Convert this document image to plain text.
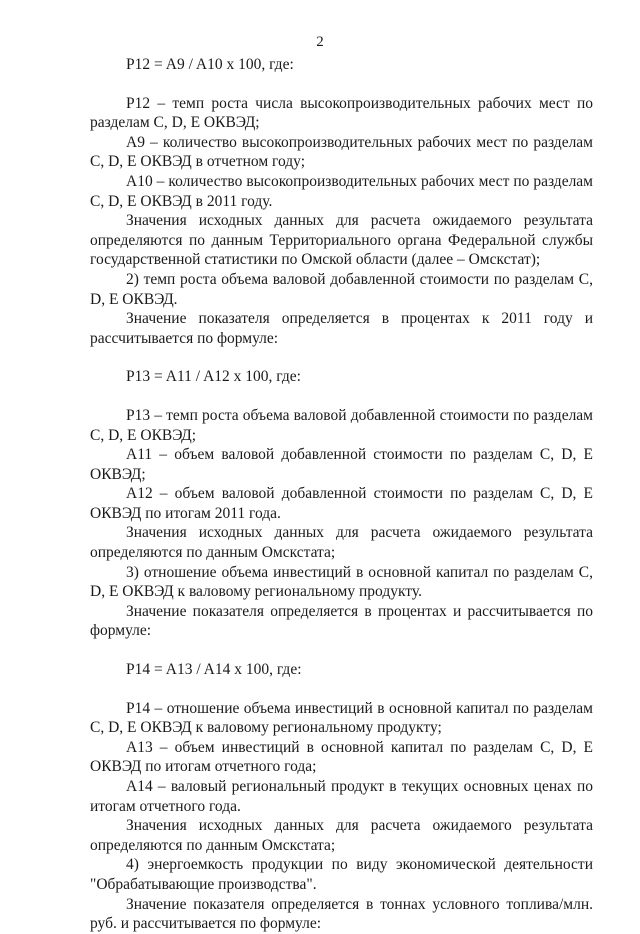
2

P12 = A9 / A10 x 100, где:

P12 – темп роста числа высокопроизводительных рабочих мест по разделам C, D, E ОКВЭД;

A9 – количество высокопроизводительных рабочих мест по разделам C, D, E ОКВЭД в отчетном году;

A10 – количество высокопроизводительных рабочих мест по разделам C, D, E ОКВЭД в 2011 году.

Значения исходных данных для расчета ожидаемого результата определяются по данным Территориального органа Федеральной службы государственной статистики по Омской области (далее – Омскстат);

2) темп роста объема валовой добавленной стоимости по разделам C, D, E ОКВЭД.

Значение показателя определяется в процентах к 2011 году и рассчитывается по формуле:

P13 = A11 / A12 x 100, где:

P13 – темп роста объема валовой добавленной стоимости по разделам C, D, E ОКВЭД;

A11 – объем валовой добавленной стоимости по разделам C, D, E ОКВЭД;

A12 – объем валовой добавленной стоимости по разделам C, D, E ОКВЭД по итогам 2011 года.

Значения исходных данных для расчета ожидаемого результата определяются по данным Омскстата;

3) отношение объема инвестиций в основной капитал по разделам C, D, E ОКВЭД к валовому региональному продукту.

Значение показателя определяется в процентах и рассчитывается по формуле:

P14 = A13 / A14 x 100, где:

P14 – отношение объема инвестиций в основной капитал по разделам C, D, E ОКВЭД к валовому региональному продукту;

A13 – объем инвестиций в основной капитал по разделам C, D, E ОКВЭД по итогам отчетного года;

A14 – валовый региональный продукт в текущих основных ценах по итогам отчетного года.

Значения исходных данных для расчета ожидаемого результата определяются по данным Омскстата;

4) энергоемкость продукции по виду экономической деятельности "Обрабатывающие производства".

Значение показателя определяется в тоннах условного топлива/млн. руб. и рассчитывается по формуле:
